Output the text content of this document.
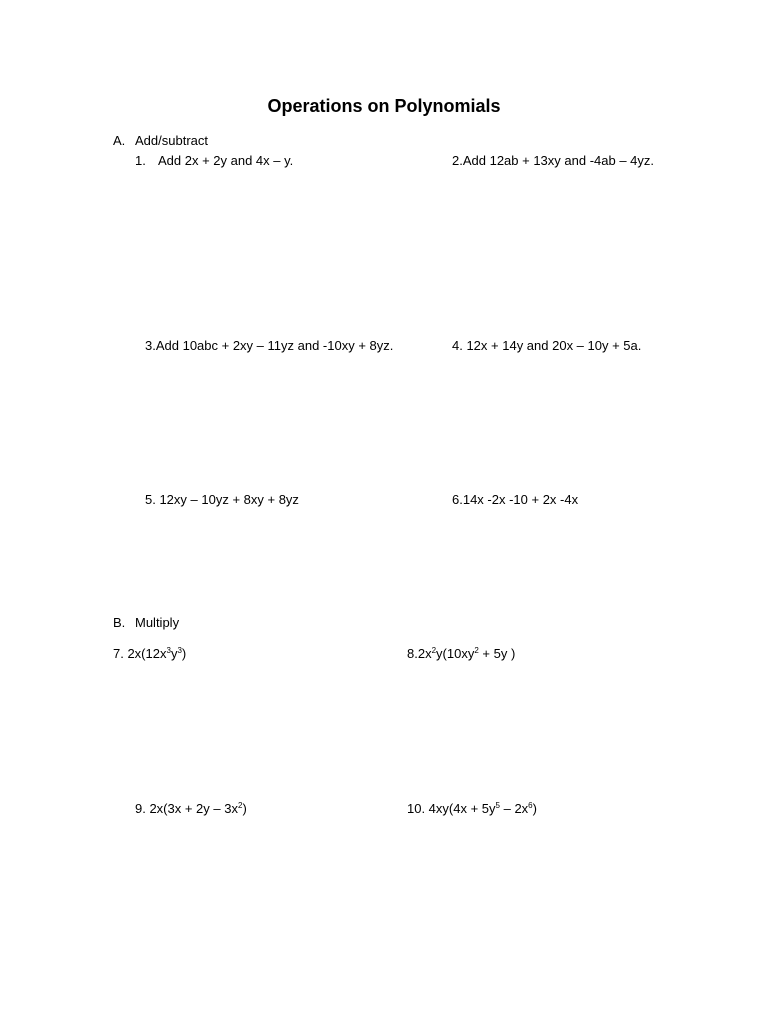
Operations on Polynomials
A. Add/subtract
1. Add 2x + 2y and 4x – y.	2.Add 12ab + 13xy and -4ab – 4yz.
3.Add 10abc + 2xy – 11yz and -10xy + 8yz.	4. 12x + 14y and 20x – 10y + 5a.
5. 12xy – 10yz + 8xy + 8yz	6.14x -2x -10 + 2x -4x
B. Multiply
7. $2x(12x^3y^3)$	$8.2x^2y(10xy^2 + 5y$ )
9. $2x(3x + 2y - 3x^2)$	10. $4xy(4x + 5y^5 - 2x^6)$
